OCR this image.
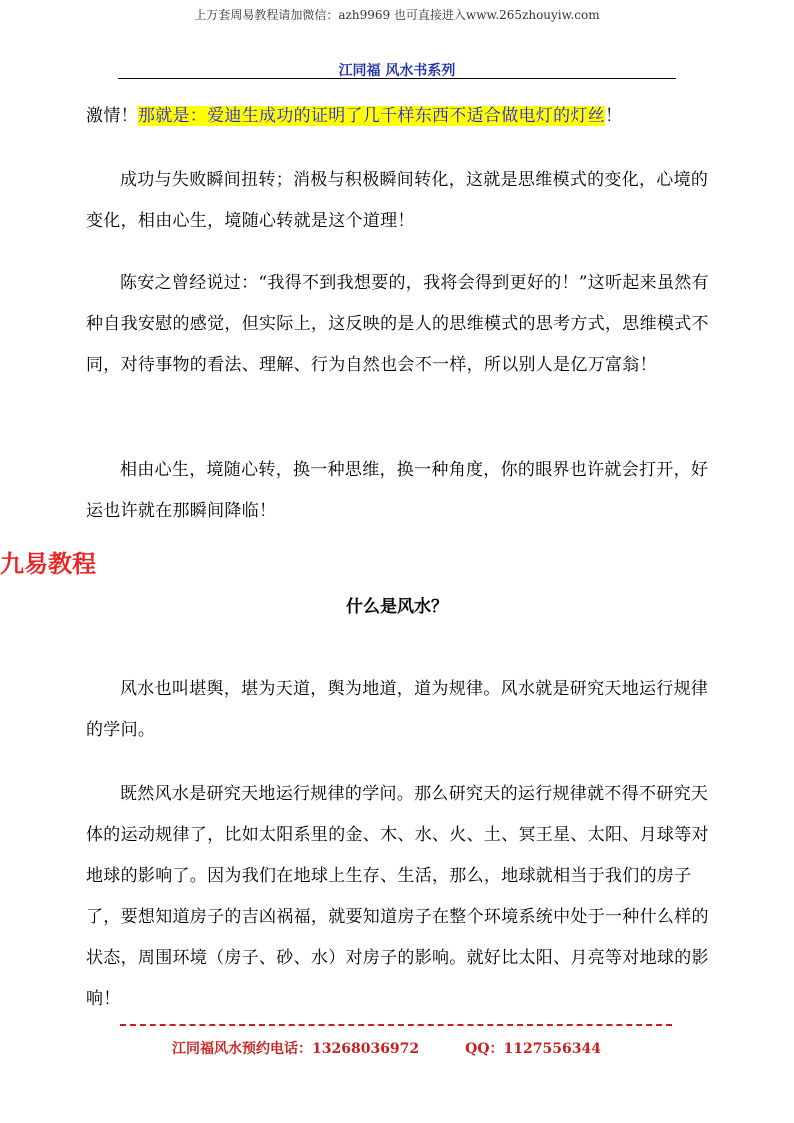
上万套周易教程请加微信：azh9969 也可直接进入www.265zhouyiw.com
江同福 风水书系列

激情！那就是：爱迪生成功的证明了几千样东西不适合做电灯的灯丝！

成功与失败瞬间扭转；消极与积极瞬间转化，这就是思维模式的变化，心境的变化，相由心生，境随心转就是这个道理！

陈安之曾经说过：“我得不到我想要的，我将会得到更好的！”这听起来虽然有种自我安慰的感觉，但实际上，这反映的是人的思维模式的思考方式，思维模式不同，对待事物的看法、理解、行为自然也会不一样，所以别人是亿万富翁！

相由心生，境随心转，换一种思维，换一种角度，你的眼界也许就会打开，好运也许就在那瞬间降临！

九易教程
什么是风水？

风水也叫堪舆，堪为天道，舆为地道，道为规律。风水就是研究天地运行规律的学问。

既然风水是研究天地运行规律的学问。那么研究天的运行规律就不得不研究天体的运动规律了，比如太阳系里的金、木、水、火、土、冥王星、太阳、月球等对地球的影响了。因为我们在地球上生存、生活，那么，地球就相当于我们的房子了，要想知道房子的吉凶祸福，就要知道房子在整个环境系统中处于一种什么样的状态，周围环境（房子、砂、水）对房子的影响。就好比太阳、月亮等对地球的影响！

江同福风水预约电话：13268036972	QQ：1127556344
